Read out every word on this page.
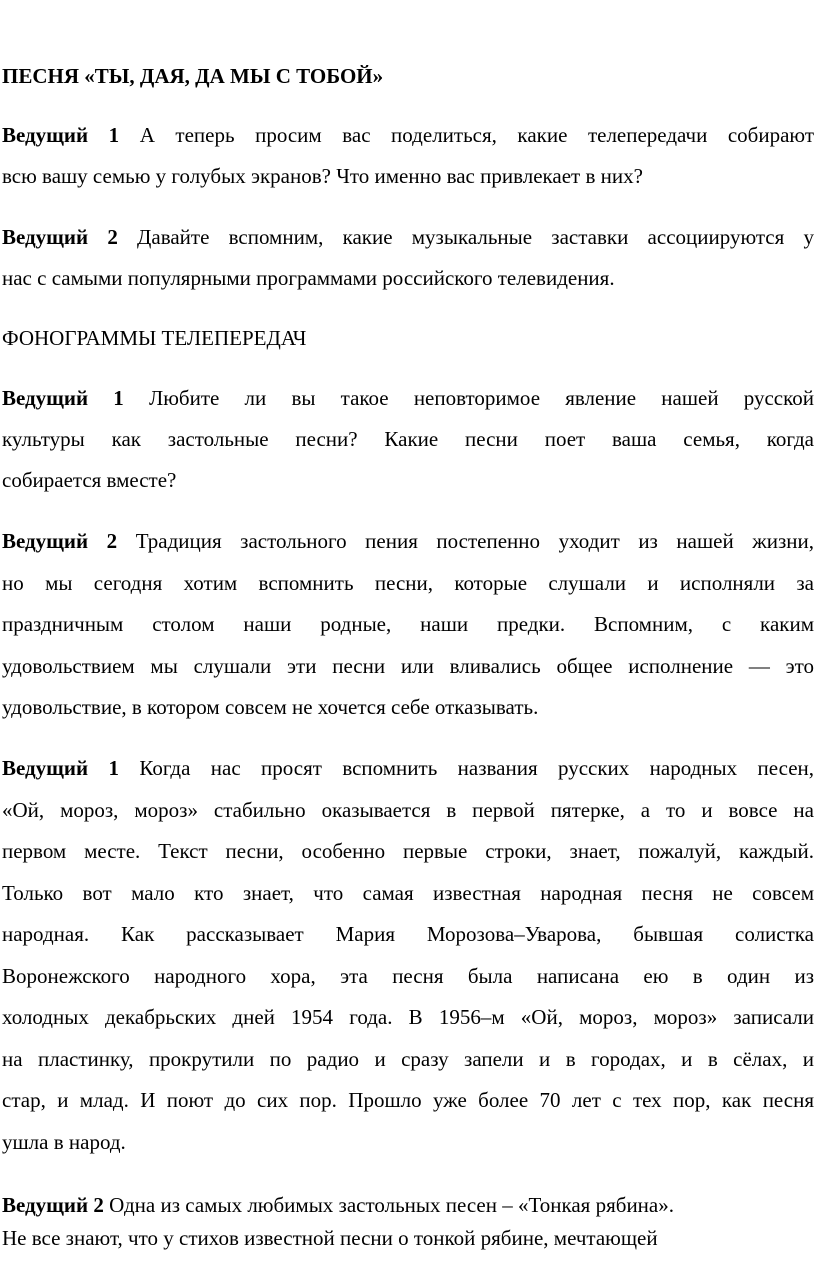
ПЕСНЯ «ТЫ, ДАЯ, ДА МЫ С ТОБОЙ»
Ведущий 1 А теперь просим вас поделиться, какие телепередачи собирают
всю вашу семью у голубых экранов? Что именно вас привлекает в них?
Ведущий 2 Давайте вспомним, какие музыкальные заставки ассоциируются у
нас с самыми популярными программами российского телевидения.
ФОНОГРАММЫ ТЕЛЕПЕРЕДАЧ
Ведущий 1 Любите ли вы такое неповторимое явление нашей русской
культуры как застольные песни? Какие песни поет ваша семья, когда
собирается вместе?
Ведущий 2 Традиция застольного пения постепенно уходит из нашей жизни,
но мы сегодня хотим вспомнить песни, которые слушали и исполняли за
праздничным столом наши родные, наши предки. Вспомним, с каким
удовольствием мы слушали эти песни или вливались общее исполнение — это
удовольствие, в котором совсем не хочется себе отказывать.
Ведущий 1 Когда нас просят вспомнить названия русских народных песен,
«Ой, мороз, мороз» стабильно оказывается в первой пятерке, а то и вовсе на
первом месте. Текст песни, особенно первые строки, знает, пожалуй, каждый.
Только вот мало кто знает, что самая известная народная песня не совсем
народная. Как рассказывает Мария Морозова–Уварова, бывшая солистка
Воронежского народного хора, эта песня была написана ею в один из
холодных декабрьских дней 1954 года. В 1956–м «Ой, мороз, мороз» записали
на пластинку, прокрутили по радио и сразу запели и в городах, и в сёлах, и
стар, и млад. И поют до сих пор. Прошло уже более 70 лет с тех пор, как песня
ушла в народ.
Ведущий 2 Одна из самых любимых застольных песен – «Тонкая рябина».
Не все знают, что у стихов известной песни о тонкой рябине, мечтающей
